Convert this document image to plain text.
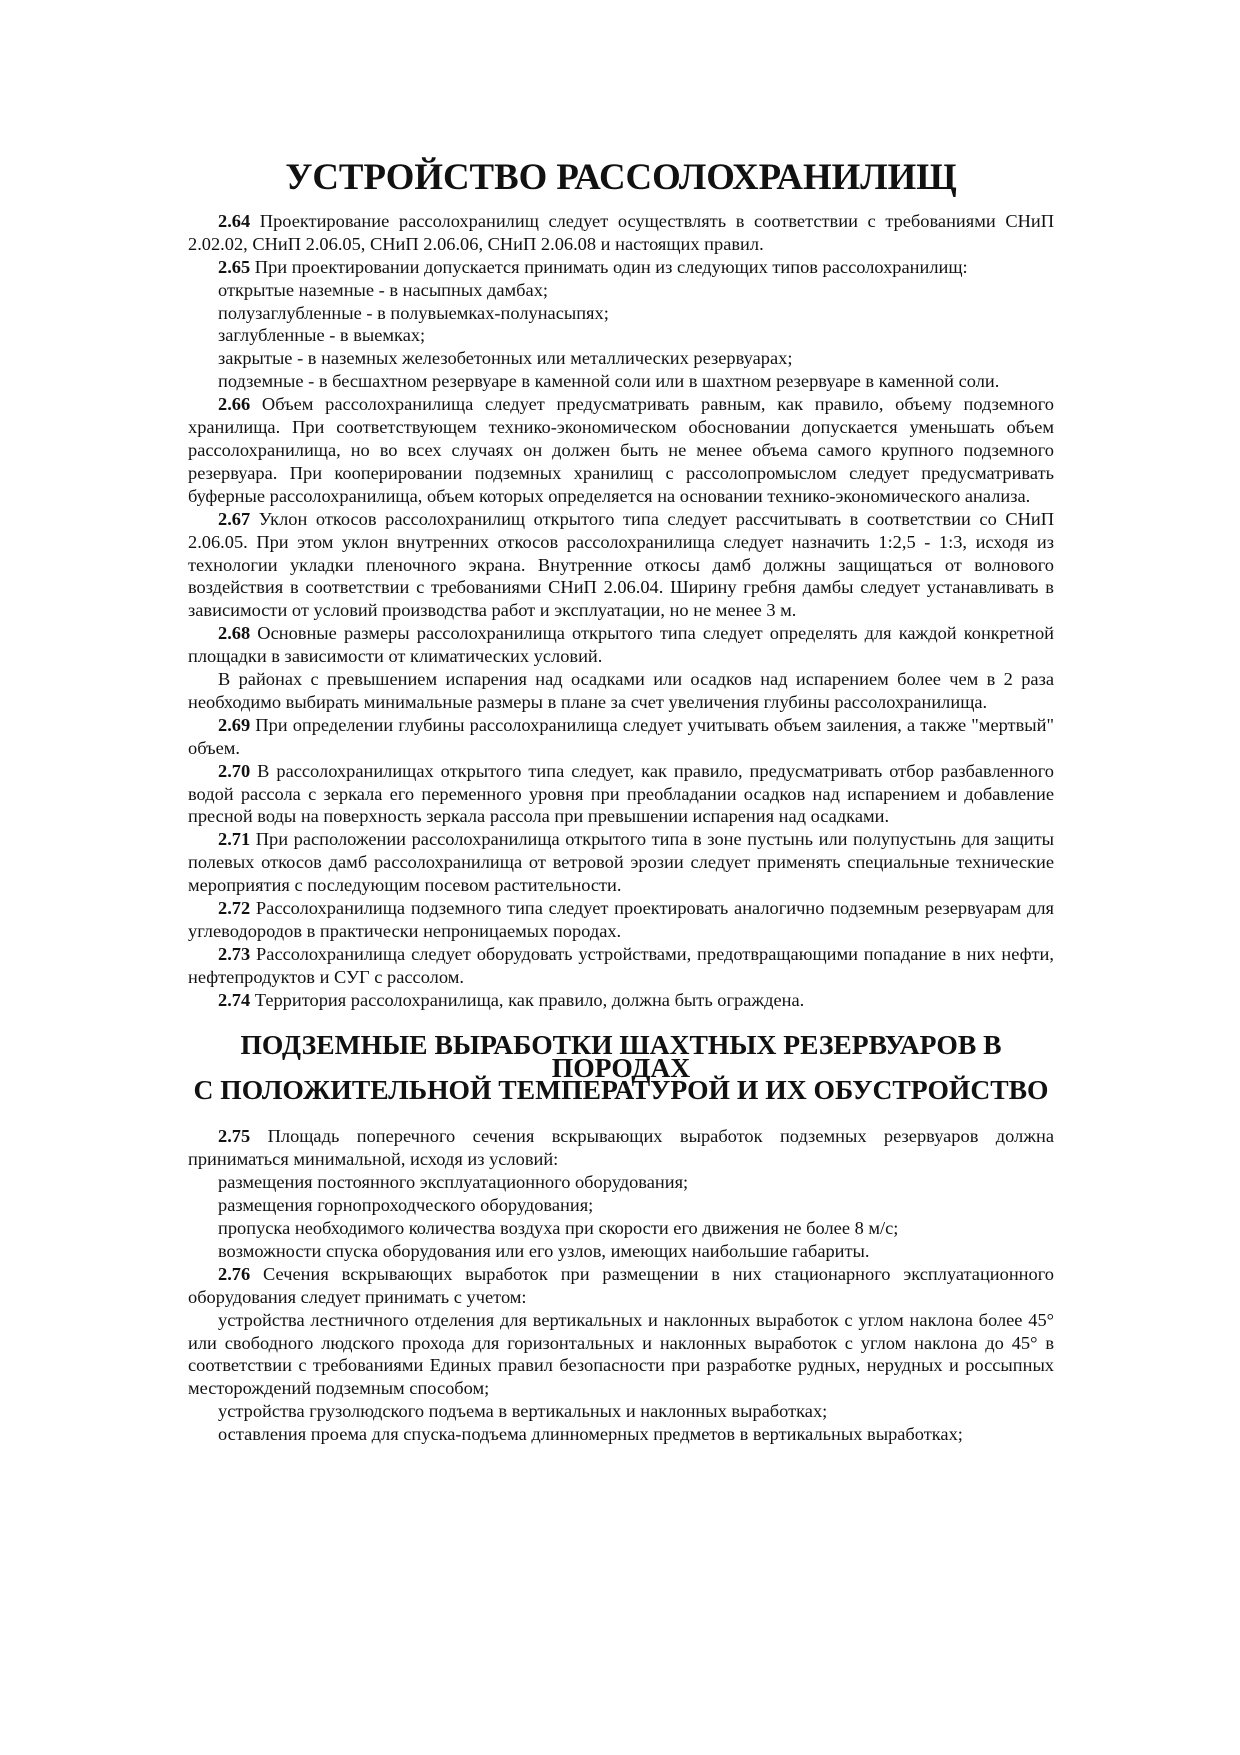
УСТРОЙСТВО РАССОЛОХРАНИЛИЩ

2.64 Проектирование рассолохранилищ следует осуществлять в соответствии с требованиями СНиП 2.02.02, СНиП 2.06.05, СНиП 2.06.06, СНиП 2.06.08 и настоящих правил.

2.65 При проектировании допускается принимать один из следующих типов рассолохранилищ:

открытые наземные - в насыпных дамбах;

полузаглубленные - в полувыемках-полунасыпях;

заглубленные - в выемках;

закрытые - в наземных железобетонных или металлических резервуарах;

подземные - в бесшахтном резервуаре в каменной соли или в шахтном резервуаре в каменной соли.

2.66 Объем рассолохранилища следует предусматривать равным, как правило, объему подземного хранилища. При соответствующем технико-экономическом обосновании допускается уменьшать объем рассолохранилища, но во всех случаях он должен быть не менее объема самого крупного подземного резервуара. При кооперировании подземных хранилищ с рассолопромыслом следует предусматривать буферные рассолохранилища, объем которых определяется на основании технико-экономического анализа.

2.67 Уклон откосов рассолохранилищ открытого типа следует рассчитывать в соответствии со СНиП 2.06.05. При этом уклон внутренних откосов рассолохранилища следует назначить 1:2,5 - 1:3, исходя из технологии укладки пленочного экрана. Внутренние откосы дамб должны защищаться от волнового воздействия в соответствии с требованиями СНиП 2.06.04. Ширину гребня дамбы следует устанавливать в зависимости от условий производства работ и эксплуатации, но не менее 3 м.

2.68 Основные размеры рассолохранилища открытого типа следует определять для каждой конкретной площадки в зависимости от климатических условий.

В районах с превышением испарения над осадками или осадков над испарением более чем в 2 раза необходимо выбирать минимальные размеры в плане за счет увеличения глубины рассолохранилища.

2.69 При определении глубины рассолохранилища следует учитывать объем заиления, а также "мертвый" объем.

2.70 В рассолохранилищах открытого типа следует, как правило, предусматривать отбор разбавленного водой рассола с зеркала его переменного уровня при преобладании осадков над испарением и добавление пресной воды на поверхность зеркала рассола при превышении испарения над осадками.

2.71 При расположении рассолохранилища открытого типа в зоне пустынь или полупустынь для защиты полевых откосов дамб рассолохранилища от ветровой эрозии следует применять специальные технические мероприятия с последующим посевом растительности.

2.72 Рассолохранилища подземного типа следует проектировать аналогично подземным резервуарам для углеводородов в практически непроницаемых породах.

2.73 Рассолохранилища следует оборудовать устройствами, предотвращающими попадание в них нефти, нефтепродуктов и СУГ с рассолом.

2.74 Территория рассолохранилища, как правило, должна быть ограждена.

ПОДЗЕМНЫЕ ВЫРАБОТКИ ШАХТНЫХ РЕЗЕРВУАРОВ В ПОРОДАХ
С ПОЛОЖИТЕЛЬНОЙ ТЕМПЕРАТУРОЙ И ИХ ОБУСТРОЙСТВО

2.75 Площадь поперечного сечения вскрывающих выработок подземных резервуаров должна приниматься минимальной, исходя из условий:

размещения постоянного эксплуатационного оборудования;

размещения горнопроходческого оборудования;

пропуска необходимого количества воздуха при скорости его движения не более 8 м/с;

возможности спуска оборудования или его узлов, имеющих наибольшие габариты.

2.76 Сечения вскрывающих выработок при размещении в них стационарного эксплуатационного оборудования следует принимать с учетом:

устройства лестничного отделения для вертикальных и наклонных выработок с углом наклона более 45° или свободного людского прохода для горизонтальных и наклонных выработок с углом наклона до 45° в соответствии с требованиями Единых правил безопасности при разработке рудных, нерудных и россыпных месторождений подземным способом;

устройства грузолюдского подъема в вертикальных и наклонных выработках;

оставления проема для спуска-подъема длинномерных предметов в вертикальных выработках;
